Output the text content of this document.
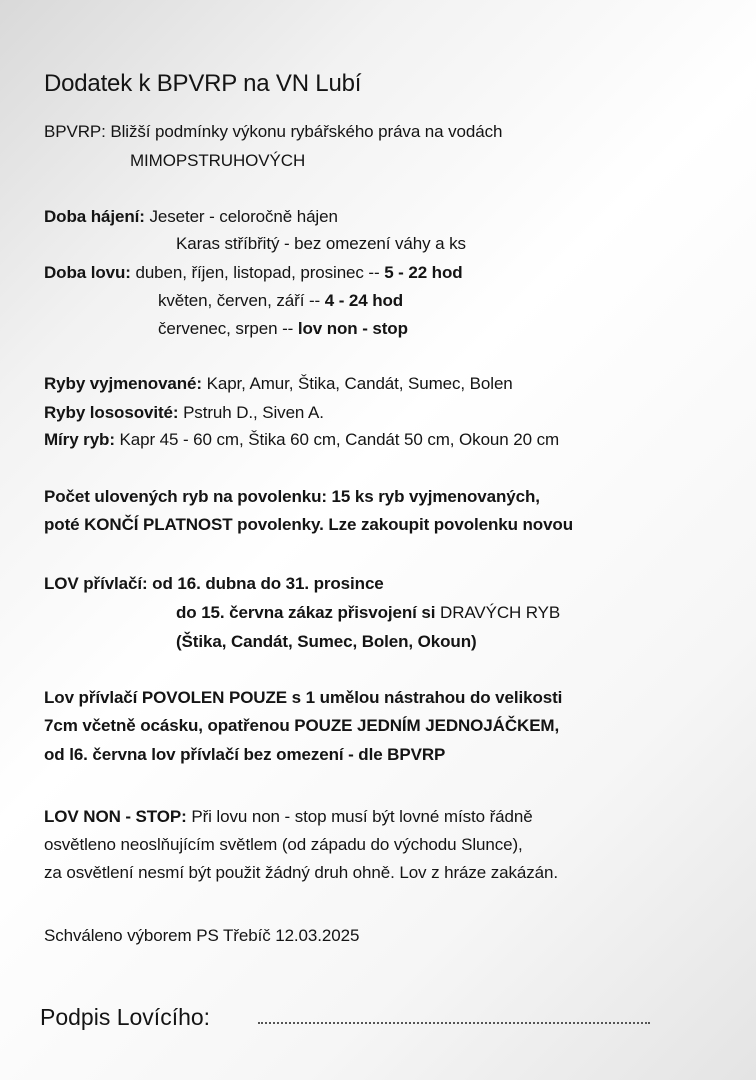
Dodatek k BPVRP na VN Lubí
BPVRP: Bližší podmínky výkonu rybářského práva na vodách
MIMOPSTRUHOVÝCH
Doba hájení: Jeseter - celoročně hájen
Karas stříbřitý - bez omezení váhy a ks
Doba lovu: duben, říjen, listopad, prosinec -- 5 - 22 hod
květen, červen, září -- 4 - 24 hod
červenec, srpen -- lov non - stop
Ryby vyjmenované: Kapr, Amur, Štika, Candát, Sumec, Bolen
Ryby lososovité: Pstruh D., Siven A.
Míry ryb: Kapr 45 - 60 cm, Štika 60 cm, Candát 50 cm, Okoun 20 cm
Počet ulovených ryb na povolenku: 15 ks ryb vyjmenovaných,
poté KONČÍ PLATNOST povolenky. Lze zakoupit povolenku novou
LOV přívlačí: od 16. dubna do 31. prosince
do 15. června zákaz přisvojení si DRAVÝCH RYB
(Štika, Candát, Sumec, Bolen, Okoun)
Lov přívlačí POVOLEN POUZE s 1 umělou nástrahou do velikosti
7cm včetně ocásku, opatřenou POUZE JEDNÍM JEDNOJÁČKEM,
od l6. června lov přívlačí bez omezení - dle BPVRP
LOV NON - STOP: Při lovu non - stop musí být lovné místo řádně
osvětleno neoslňujícím světlem (od západu do východu Slunce),
za osvětlení nesmí být použit žádný druh ohně. Lov z hráze zakázán.
Schváleno výborem PS Třebíč 12.03.2025
Podpis Lovícího:
